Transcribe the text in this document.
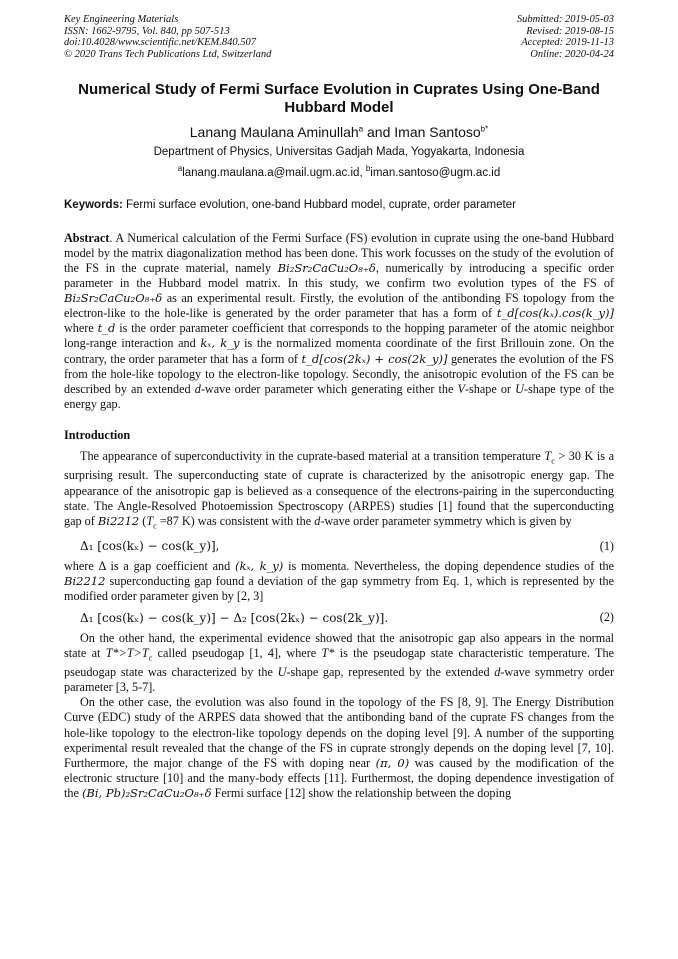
Key Engineering Materials
ISSN: 1662-9795, Vol. 840, pp 507-513
doi:10.4028/www.scientific.net/KEM.840.507
© 2020 Trans Tech Publications Ltd, Switzerland
Submitted: 2019-05-03
Revised: 2019-08-15
Accepted: 2019-11-13
Online: 2020-04-24
Numerical Study of Fermi Surface Evolution in Cuprates Using One-Band Hubbard Model
Lanang Maulana Aminullah$^a$ and Iman Santoso$^{b*}$
Department of Physics, Universitas Gadjah Mada, Yogyakarta, Indonesia
$^a$lanang.maulana.a@mail.ugm.ac.id, $^b$iman.santoso@ugm.ac.id
Keywords: Fermi surface evolution, one-band Hubbard model, cuprate, order parameter

Abstract. A Numerical calculation of the Fermi Surface (FS) evolution in cuprate using the one-band Hubbard model by the matrix diagonalization method has been done. This work focusses on the study of the evolution of the FS in the cuprate material, namely Bi₂Sr₂CaCu₂O₈₊δ, numerically by introducing a specific order parameter in the Hubbard model matrix. In this study, we confirm two evolution types of the FS of Bi₂Sr₂CaCu₂O₈₊δ as an experimental result. Firstly, the evolution of the antibonding FS topology from the electron-like to the hole-like is generated by the order parameter that has a form of t_d[cos(kₓ).cos(k_y)] where t_d is the order parameter coefficient that corresponds to the hopping parameter of the atomic neighbor long-range interaction and kₓ, k_y is the normalized momenta coordinate of the first Brillouin zone. On the contrary, the order parameter that has a form of t_d[cos(2kₓ) + cos(2k_y)] generates the evolution of the FS from the hole-like topology to the electron-like topology. Secondly, the anisotropic evolution of the FS can be described by an extended d-wave order parameter which generating either the V-shape or U-shape type of the energy gap.

Introduction

The appearance of superconductivity in the cuprate-based material at a transition temperature $T_c > 30$ K is a surprising result. The superconducting state of cuprate is characterized by the anisotropic energy gap. The appearance of the anisotropic gap is believed as a consequence of the electrons-pairing in the superconducting state. The Angle-Resolved Photoemission Spectroscopy (ARPES) studies [1] found that the superconducting gap of Bi2212 ($T_c =87$ K) was consistent with the d-wave order parameter symmetry which is given by

Δ₁ [cos(kₓ) − cos(k_y)],	(1)

where Δ is a gap coefficient and (kₓ, k_y) is momenta. Nevertheless, the doping dependence studies of the Bi2212 superconducting gap found a deviation of the gap symmetry from Eq. 1, which is represented by the modified order parameter given by [2, 3]

Δ₁ [cos(kₓ) − cos(k_y)] − Δ₂ [cos(2kₓ) − cos(2k_y)].	(2)

On the other hand, the experimental evidence showed that the anisotropic gap also appears in the normal state at $T*>T>T_c$ called pseudogap [1, 4], where T* is the pseudogap state characteristic temperature. The pseudogap state was characterized by the U-shape gap, represented by the extended d-wave symmetry order parameter [3, 5-7].

On the other case, the evolution was also found in the topology of the FS [8, 9]. The Energy Distribution Curve (EDC) study of the ARPES data showed that the antibonding band of the cuprate FS changes from the hole-like topology to the electron-like topology depends on the doping level [9]. A number of the supporting experimental result revealed that the change of the FS in cuprate strongly depends on the doping level [7, 10]. Furthermore, the major change of the FS with doping near (π, 0) was caused by the modification of the electronic structure [10] and the many-body effects [11]. Furthermost, the doping dependence investigation of the (Bi, Pb)₂Sr₂CaCu₂O₈₊δ Fermi surface [12] show the relationship between the doping
